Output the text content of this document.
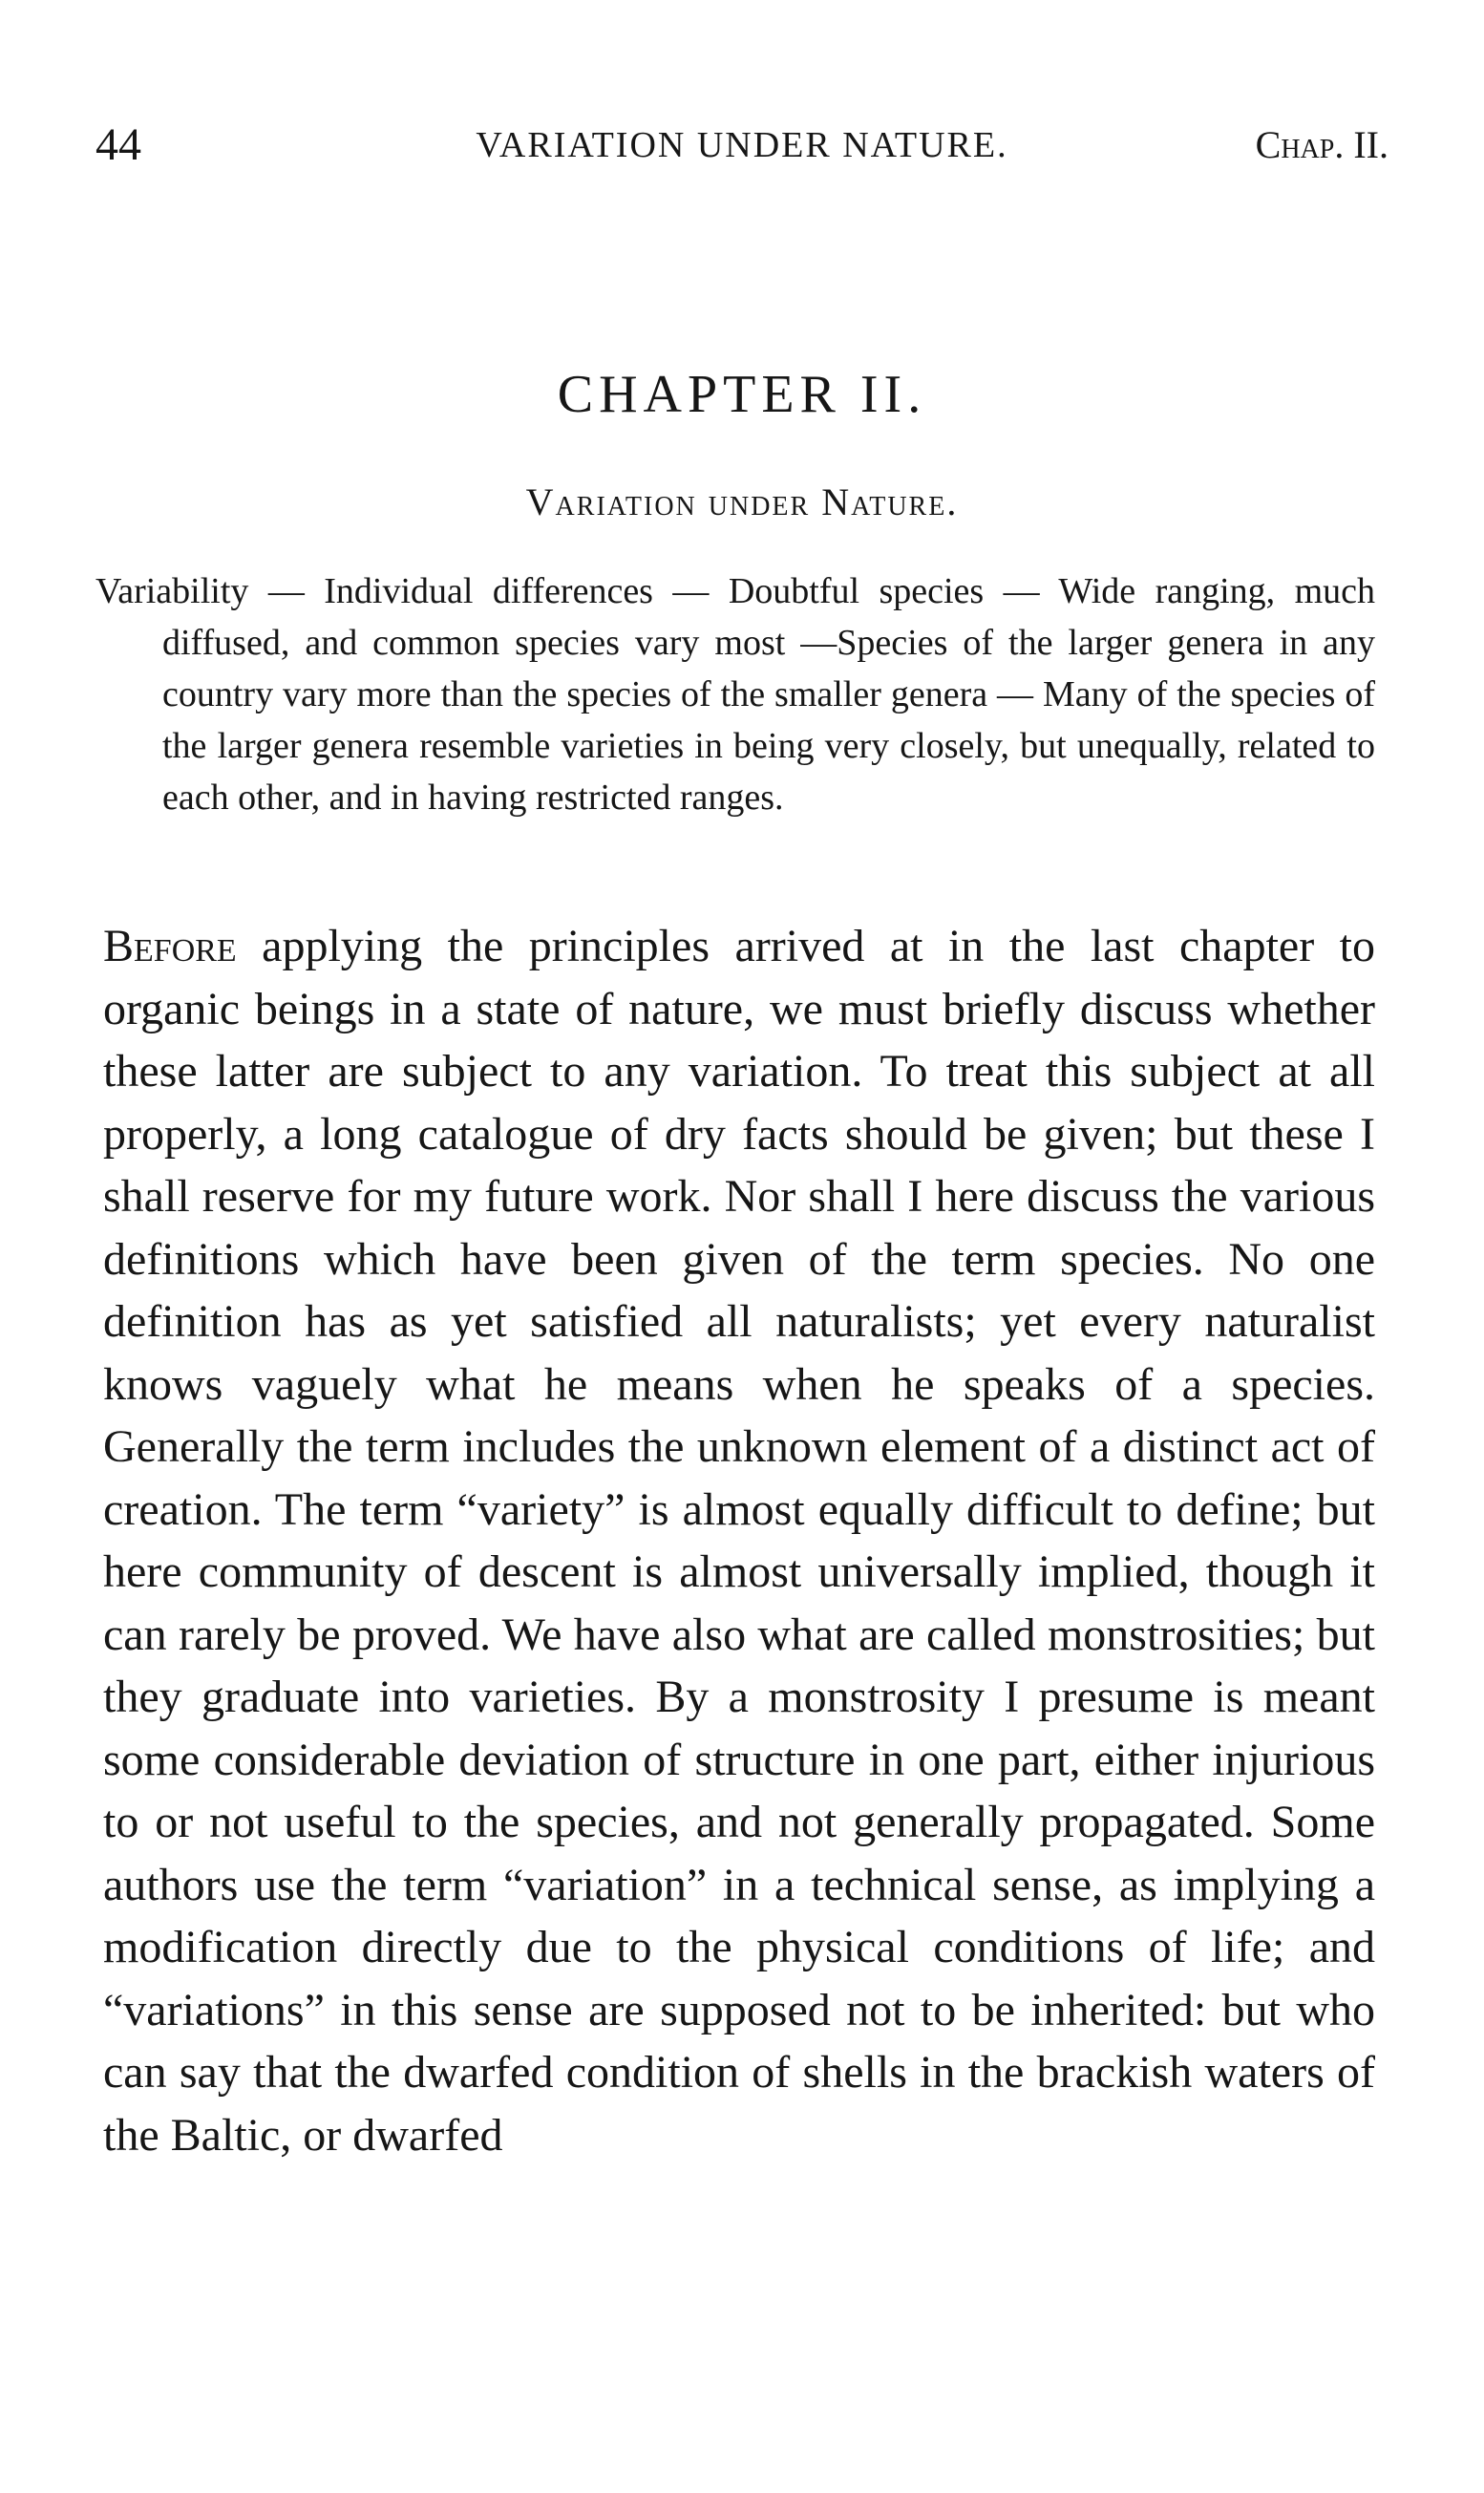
44	VARIATION UNDER NATURE.	Chap. II.
CHAPTER II.
Variation under Nature.
Variability — Individual differences — Doubtful species — Wide ranging, much diffused, and common species vary most —Species of the larger genera in any country vary more than the species of the smaller genera — Many of the species of the larger genera resemble varieties in being very closely, but unequally, related to each other, and in having restricted ranges.
Before applying the principles arrived at in the last chapter to organic beings in a state of nature, we must briefly discuss whether these latter are subject to any variation. To treat this subject at all properly, a long catalogue of dry facts should be given; but these I shall reserve for my future work. Nor shall I here discuss the various definitions which have been given of the term species. No one definition has as yet satisfied all naturalists; yet every naturalist knows vaguely what he means when he speaks of a species. Generally the term includes the unknown element of a distinct act of creation. The term “variety” is almost equally difficult to define; but here community of descent is almost universally implied, though it can rarely be proved. We have also what are called monstrosities; but they graduate into varieties. By a monstrosity I presume is meant some considerable deviation of structure in one part, either injurious to or not useful to the species, and not generally propagated. Some authors use the term “variation” in a technical sense, as implying a modification directly due to the physical conditions of life; and “variations” in this sense are supposed not to be inherited: but who can say that the dwarfed condition of shells in the brackish waters of the Baltic, or dwarfed
